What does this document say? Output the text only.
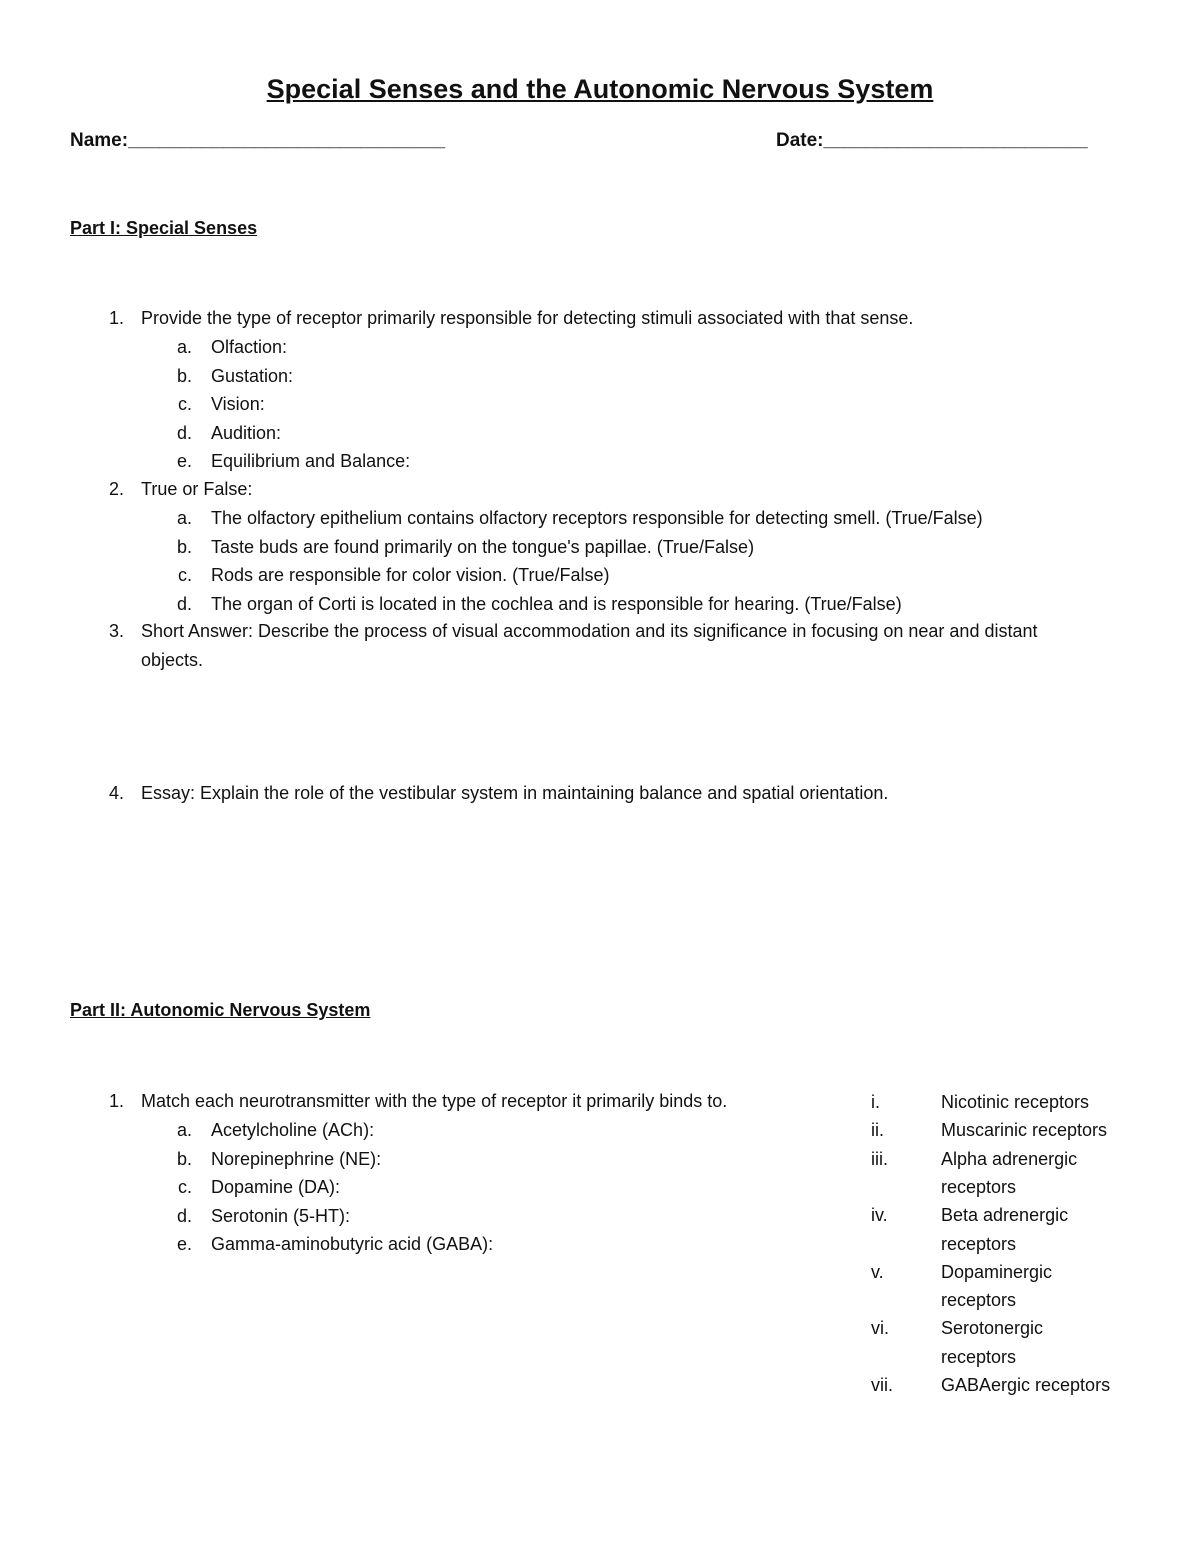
Special Senses and the Autonomic Nervous System
Name:______________________________	Date:_________________________
Part I: Special Senses
1. Provide the type of receptor primarily responsible for detecting stimuli associated with that sense.
a. Olfaction:
b. Gustation:
c. Vision:
d. Audition:
e. Equilibrium and Balance:
2. True or False:
a. The olfactory epithelium contains olfactory receptors responsible for detecting smell. (True/False)
b. Taste buds are found primarily on the tongue's papillae. (True/False)
c. Rods are responsible for color vision. (True/False)
d. The organ of Corti is located in the cochlea and is responsible for hearing. (True/False)
3. Short Answer: Describe the process of visual accommodation and its significance in focusing on near and distant
objects.
4. Essay: Explain the role of the vestibular system in maintaining balance and spatial orientation.
Part II: Autonomic Nervous System
1. Match each neurotransmitter with the type of receptor it primarily binds to.
a. Acetylcholine (ACh):
b. Norepinephrine (NE):
c. Dopamine (DA):
d. Serotonin (5-HT):
e. Gamma-aminobutyric acid (GABA):
i.	Nicotinic receptors
ii.	Muscarinic receptors
iii.	Alpha adrenergic
receptors
iv.	Beta adrenergic
receptors
v.	Dopaminergic
receptors
vi.	Serotonergic
receptors
vii.	GABAergic receptors
